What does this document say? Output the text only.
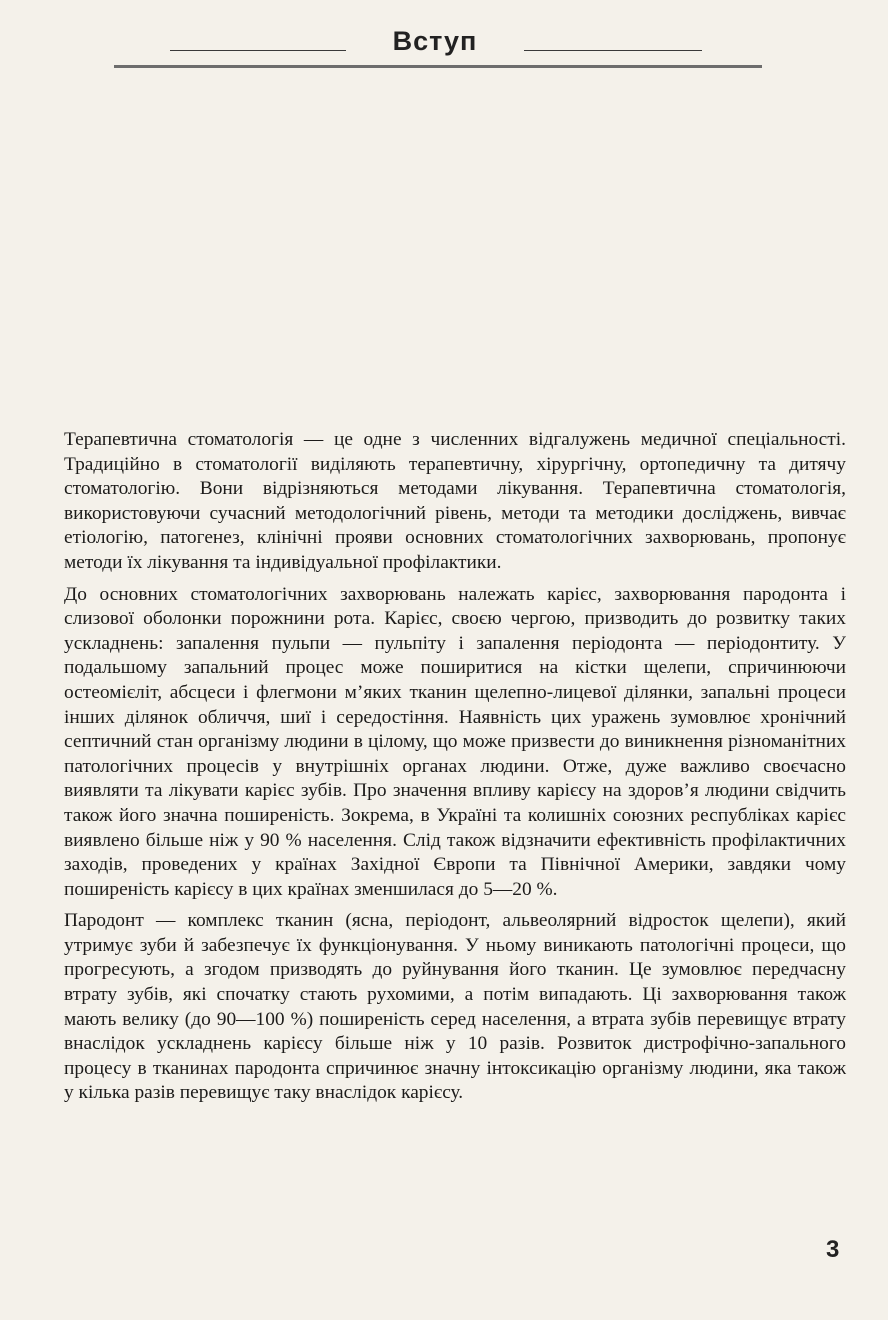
Вступ

Терапевтична стоматологія — це одне з численних відгалужень медичної спеціальності. Традиційно в стоматології виділяють терапевтичну, хірургічну, ортопедичну та дитячу стоматологію. Вони відрізняються методами лікування. Терапевтична стоматологія, використовуючи сучасний методологічний рівень, методи та методики досліджень, вивчає етіологію, патогенез, клінічні прояви основних стоматологічних захворювань, пропонує методи їх лікування та індивідуальної профілактики.

До основних стоматологічних захворювань належать карієс, захворювання пародонта і слизової оболонки порожнини рота. Карієс, своєю чергою, призводить до розвитку таких ускладнень: запалення пульпи — пульпіту і запалення періодонта — періодонтиту. У подальшому запальний процес може поширитися на кістки щелепи, спричинюючи остеомієліт, абсцеси і флегмони м’яких тканин щелепно-лицевої ділянки, запальні процеси інших ділянок обличчя, шиї і середостіння. Наявність цих уражень зумовлює хронічний септичний стан організму людини в цілому, що може призвести до виникнення різноманітних патологічних процесів у внутрішніх органах людини. Отже, дуже важливо своєчасно виявляти та лікувати карієс зубів. Про значення впливу карієсу на здоров’я людини свідчить також його значна поширеність. Зокрема, в Україні та колишніх союзних республіках карієс виявлено більше ніж у 90 % населення. Слід також відзначити ефективність профілактичних заходів, проведених у країнах Західної Європи та Північної Америки, завдяки чому поширеність карієсу в цих країнах зменшилася до 5—20 %.

Пародонт — комплекс тканин (ясна, періодонт, альвеолярний відросток щелепи), який утримує зуби й забезпечує їх функціонування. У ньому виникають патологічні процеси, що прогресують, а згодом призводять до руйнування його тканин. Це зумовлює передчасну втрату зубів, які спочатку стають рухомими, а потім випадають. Ці захворювання також мають велику (до 90—100 %) поширеність серед населення, а втрата зубів перевищує втрату внаслідок ускладнень карієсу більше ніж у 10 разів. Розвиток дистрофічно-запального процесу в тканинах пародонта спричинює значну інтоксикацію організму людини, яка також у кілька разів перевищує таку внаслідок карієсу.

3
